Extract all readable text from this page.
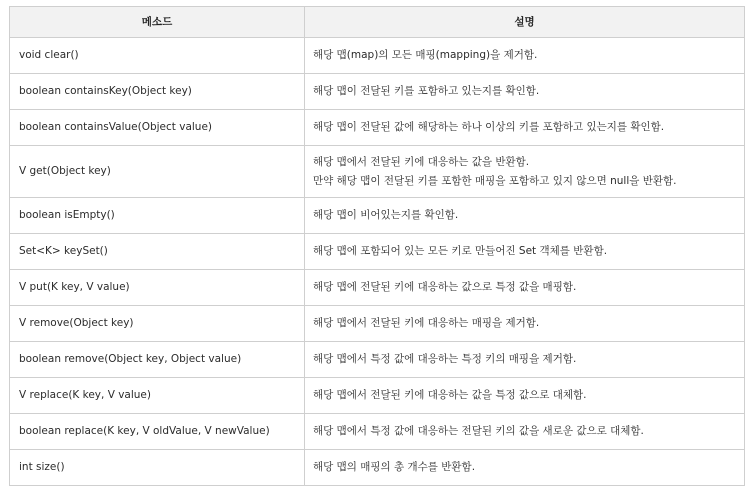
메소드	설명
void clear()	해당 맵(map)의 모든 매핑(mapping)을 제거함.

boolean containsKey(Object key)	해당 맵이 전달된 키를 포함하고 있는지를 확인함.

boolean containsValue(Object value)	해당 맵이 전달된 값에 해당하는 하나 이상의 키를 포함하고 있는지를 확인함.

V get(Object key)	해당 맵에서 전달된 키에 대응하는 값을 반환함.
만약 해당 맵이 전달된 키를 포함한 매핑을 포함하고 있지 않으면 null을 반환함.

boolean isEmpty()	해당 맵이 비어있는지를 확인함.

Set<K> keySet()	해당 맵에 포함되어 있는 모든 키로 만들어진 Set 객체를 반환함.

V put(K key, V value)	해당 맵에 전달된 키에 대응하는 값으로 특정 값을 매핑함.

V remove(Object key)	해당 맵에서 전달된 키에 대응하는 매핑을 제거함.

boolean remove(Object key, Object value)	해당 맵에서 특정 값에 대응하는 특정 키의 매핑을 제거함.

V replace(K key, V value)	해당 맵에서 전달된 키에 대응하는 값을 특정 값으로 대체함.

boolean replace(K key, V oldValue, V newValue)	해당 맵에서 특정 값에 대응하는 전달된 키의 값을 새로운 값으로 대체함.

int size()	해당 맵의 매핑의 총 개수를 반환함.
